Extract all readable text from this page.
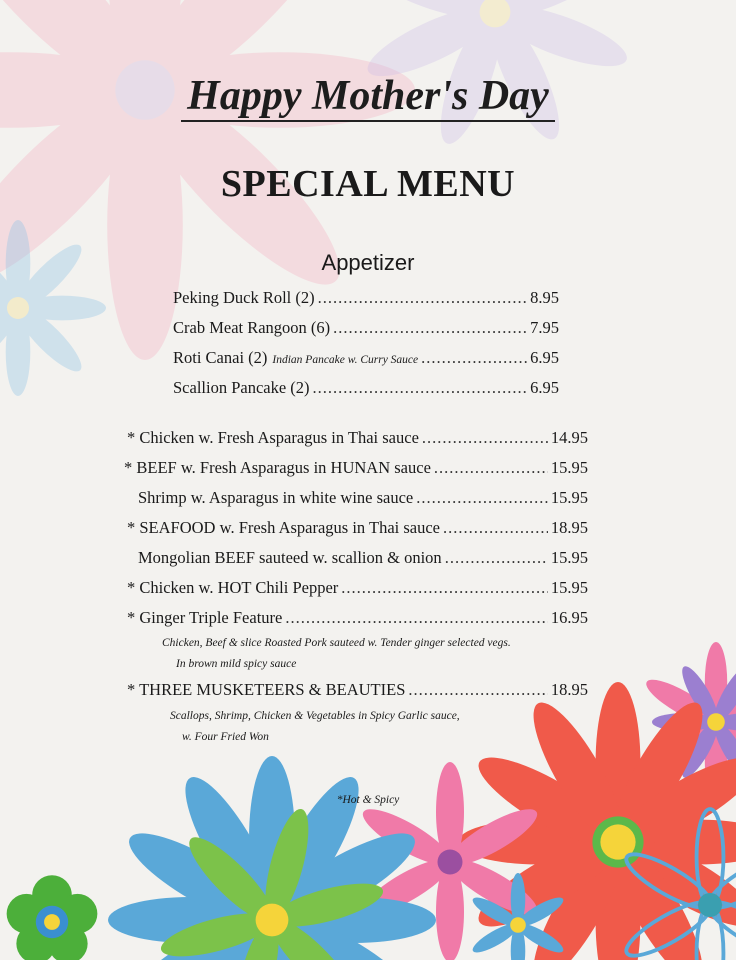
Happy Mother's Day
SPECIAL MENU
Appetizer
Peking Duck Roll (2) .....	8.95
Crab Meat Rangoon (6) .....	7.95
Roti Canai (2) Indian Pancake w. Curry Sauce .....	6.95
Scallion Pancake (2) .....	6.95
* Chicken w. Fresh Asparagus in Thai sauce .....	14.95
* BEEF w. Fresh Asparagus in HUNAN sauce .....	15.95
Shrimp w. Asparagus in white wine sauce .....	15.95
* SEAFOOD w. Fresh Asparagus in Thai sauce .....	18.95
Mongolian BEEF sauteed w. scallion & onion .....	15.95
* Chicken w. HOT Chili Pepper .....	15.95
* Ginger Triple Feature .....	16.95
Chicken, Beef & slice Roasted Pork sauteed w. Tender ginger selected vegs.
In brown mild spicy sauce
* THREE MUSKETEERS & BEAUTIES .....	18.95
Scallops, Shrimp, Chicken & Vegetables in Spicy Garlic sauce,
w. Four Fried Won
*Hot & Spicy
